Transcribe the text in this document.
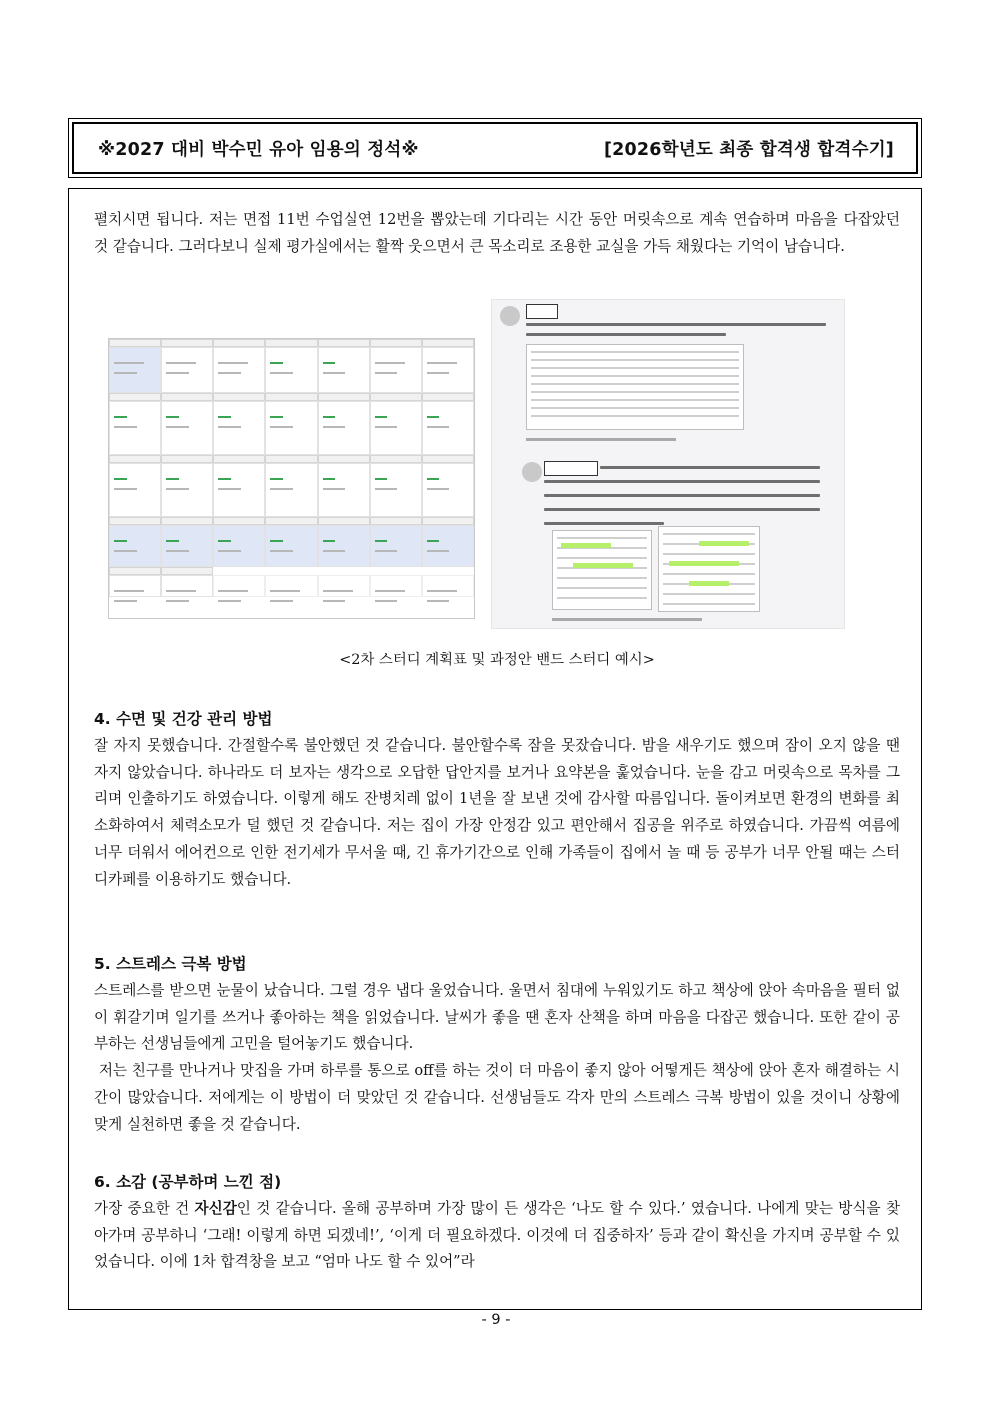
※2027 대비 박수민 유아 임용의 정석※	[2026학년도 최종 합격생 합격수기]

펼치시면 됩니다. 저는 면접 11번 수업실연 12번을 뽑았는데 기다리는 시간 동안 머릿속으로 계속 연습하며 마음을 다잡았던 것 같습니다. 그러다보니 실제 평가실에서는 활짝 웃으면서 큰 목소리로 조용한 교실을 가득 채웠다는 기억이 남습니다.

<2차 스터디 계획표 및 과정안 밴드 스터디 예시>
4. 수면 및 건강 관리 방법

잘 자지 못했습니다. 간절할수록 불안했던 것 같습니다. 불안할수록 잠을 못잤습니다. 밤을 새우기도 했으며 잠이 오지 않을 땐 자지 않았습니다. 하나라도 더 보자는 생각으로 오답한 답안지를 보거나 요약본을 훑었습니다. 눈을 감고 머릿속으로 목차를 그리며 인출하기도 하였습니다. 이렇게 해도 잔병치레 없이 1년을 잘 보낸 것에 감사할 따름입니다. 돌이켜보면 환경의 변화를 최소화하여서 체력소모가 덜 했던 것 같습니다. 저는 집이 가장 안정감 있고 편안해서 집공을 위주로 하였습니다. 가끔씩 여름에 너무 더워서 에어컨으로 인한 전기세가 무서울 때, 긴 휴가기간으로 인해 가족들이 집에서 놀 때 등 공부가 너무 안될 때는 스터디카페를 이용하기도 했습니다.

5. 스트레스 극복 방법

스트레스를 받으면 눈물이 났습니다. 그럴 경우 냅다 울었습니다. 울면서 침대에 누워있기도 하고 책상에 앉아 속마음을 필터 없이 휘갈기며 일기를 쓰거나 좋아하는 책을 읽었습니다. 날씨가 좋을 땐 혼자 산책을 하며 마음을 다잡곤 했습니다. 또한 같이 공부하는 선생님들에게 고민을 털어놓기도 했습니다.

저는 친구를 만나거나 맛집을 가며 하루를 통으로 off를 하는 것이 더 마음이 좋지 않아 어떻게든 책상에 앉아 혼자 해결하는 시간이 많았습니다. 저에게는 이 방법이 더 맞았던 것 같습니다. 선생님들도 각자 만의 스트레스 극복 방법이 있을 것이니 상황에 맞게 실천하면 좋을 것 같습니다.

6. 소감 (공부하며 느낀 점)

가장 중요한 건 자신감인 것 같습니다. 올해 공부하며 가장 많이 든 생각은 ‘나도 할 수 있다.’ 였습니다. 나에게 맞는 방식을 찾아가며 공부하니 ‘그래! 이렇게 하면 되겠네!’, ‘이게 더 필요하겠다. 이것에 더 집중하자’ 등과 같이 확신을 가지며 공부할 수 있었습니다. 이에 1차 합격창을 보고 “엄마 나도 할 수 있어”라

- 9 -
